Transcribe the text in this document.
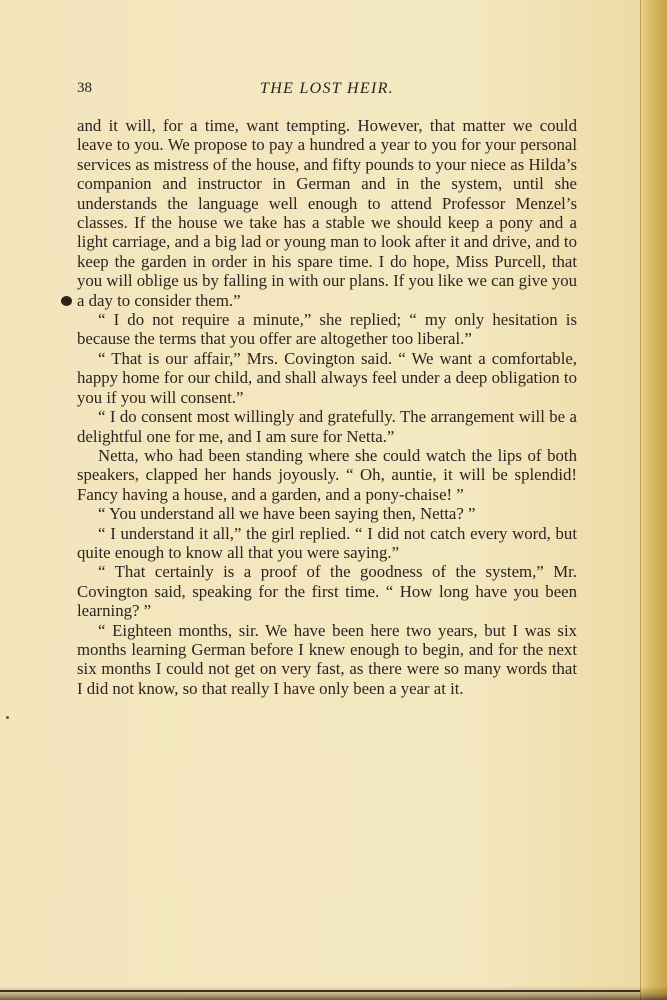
38	THE LOST HEIR.

and it will, for a time, want tempting. However, that matter we could leave to you. We propose to pay a hundred a year to you for your personal services as mistress of the house, and fifty pounds to your niece as Hilda’s companion and instructor in German and in the system, until she understands the language well enough to attend Professor Menzel’s classes. If the house we take has a stable we should keep a pony and a light carriage, and a big lad or young man to look after it and drive, and to keep the garden in order in his spare time. I do hope, Miss Purcell, that you will oblige us by falling in with our plans. If you like we can give you a day to consider them.”

“ I do not require a minute,” she replied; “ my only hesitation is because the terms that you offer are altogether too liberal.”

“ That is our affair,” Mrs. Covington said. “ We want a comfortable, happy home for our child, and shall always feel under a deep obligation to you if you will consent.”

“ I do consent most willingly and gratefully. The arrangement will be a delightful one for me, and I am sure for Netta.”

Netta, who had been standing where she could watch the lips of both speakers, clapped her hands joyously. “ Oh, auntie, it will be splendid! Fancy having a house, and a garden, and a pony-chaise! ”

“ You understand all we have been saying then, Netta? ”

“ I understand it all,” the girl replied. “ I did not catch every word, but quite enough to know all that you were saying.”

“ That certainly is a proof of the goodness of the system,” Mr. Covington said, speaking for the first time. “ How long have you been learning? ”

“ Eighteen months, sir. We have been here two years, but I was six months learning German before I knew enough to begin, and for the next six months I could not get on very fast, as there were so many words that I did not know, so that really I have only been a year at it.
